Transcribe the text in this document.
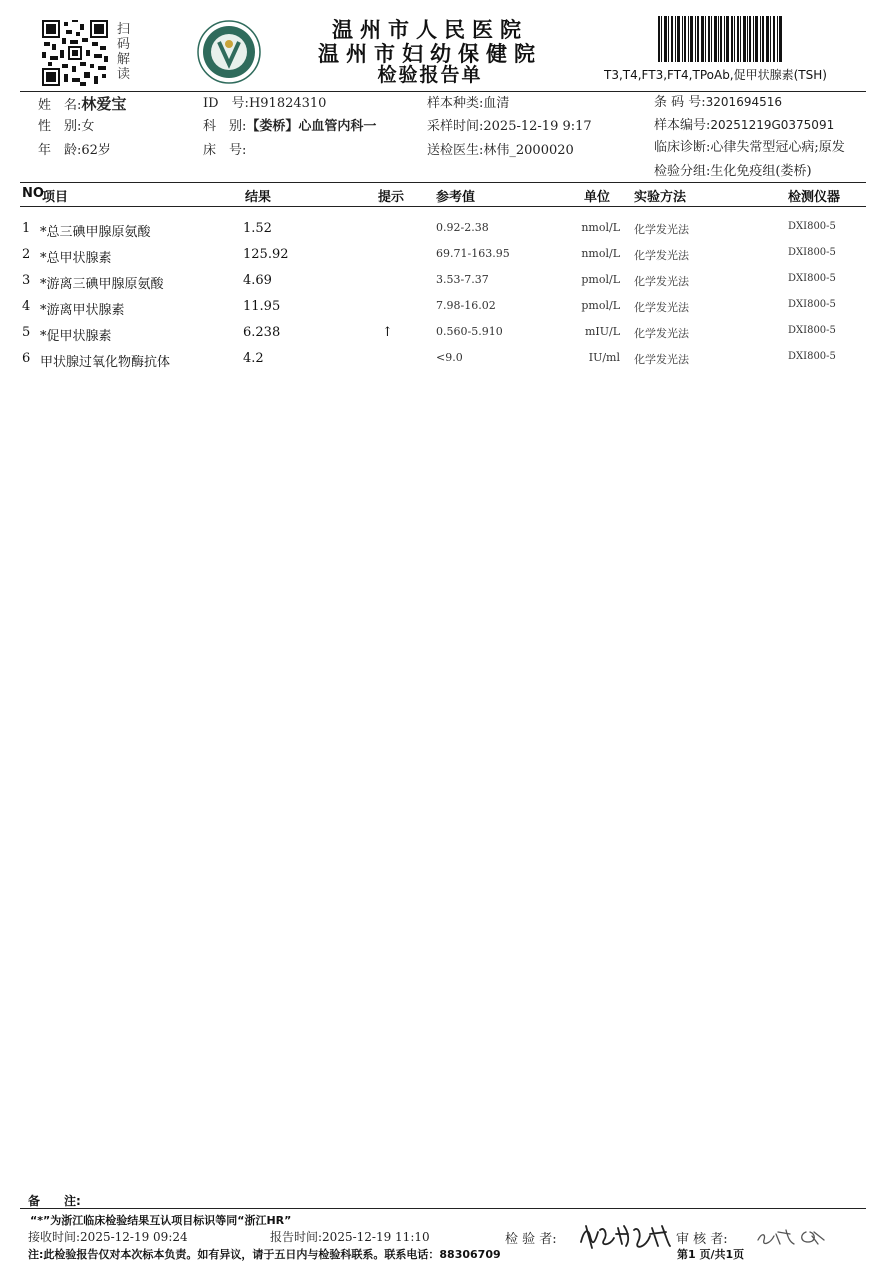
扫码解读
温州市人民医院
温州市妇幼保健院
检验报告单	T3,T4,FT3,FT4,TPoAb,促甲状腺素(TSH)
姓　名:林爱宝
性　别:女
年　龄:62岁
ID　号:H91824310
科　别:【娄桥】心血管内科一
床　号:
样本种类:血清
采样时间:2025-12-19 9:17
送检医生:林伟_2000020
条 码 号:3201694516
样本编号:20251219G0375091
临床诊断:心律失常型冠心病;原发
检验分组:生化免疫组(娄桥)
NO
项目	结果	提示 参考值	单位 实验方法	检测仪器
1 *总三碘甲腺原氨酸	1.52	0.92-2.38	nmol/L 化学发光法	DXI800-5
2 *总甲状腺素	125.92	69.71-163.95	nmol/L 化学发光法	DXI800-5
3 *游离三碘甲腺原氨酸	4.69	3.53-7.37	pmol/L 化学发光法	DXI800-5
4 *游离甲状腺素	11.95	7.98-16.02	pmol/L 化学发光法	DXI800-5
5 *促甲状腺素	6.238	↑	0.560-5.910	mIU/L 化学发光法	DXI800-5
6 甲状腺过氧化物酶抗体	4.2	<9.0	IU/ml 化学发光法	DXI800-5
备　　注:
“*”为浙江临床检验结果互认项目标识等同“浙江HR”
接收时间:2025-12-19 09:24	报告时间:2025-12-19 11:10	检 验 者:	审 核 者:
注:此检验报告仅对本次标本负责。如有异议，请于五日内与检验科联系。联系电话：88306709	第1 页/共1页
